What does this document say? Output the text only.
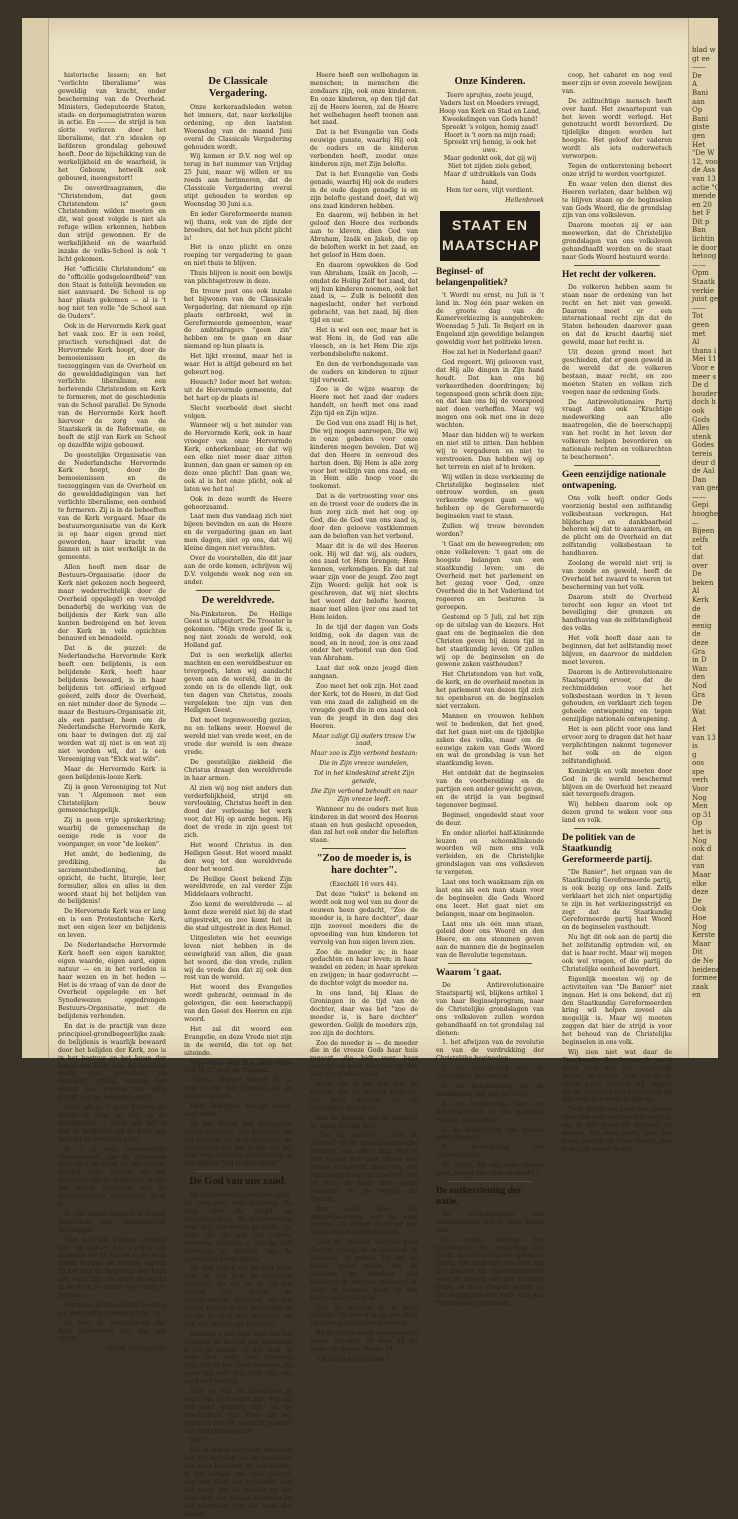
historische lessen; en het "verlichte liberalisme" was geweldig van kracht, onder bescherming van de Overheid. Ministers, Gedeputeerde Staten, stads- en dorpsmagistraten waren in actie. En ——— de strijd is ten slotte verloren door het liberalisme, dat z'n idealen op liefderen grondslag gebouwd heeft. Door de bijschikking van de werkelijkheid en de waarheid, is het Gebouw, hetwelk ook gebouwd, ineengestort!

De onverdraagzamen, die "Christendom, dat geen Christendom is" geen Christendom wilden moeten en dit, wat geest volgde is niet als refuge willen erkennen, hebben dan strijd gewonnen. Er de werkelijkheid en de waarheid inzake de volks-School is ook 't licht gekomen.

Het "officiële Christendom" en de "officiële godsgeleerdheid" van den Staat is feitelijk bevonden en niet aanvaard. De School is op haar plaats gekomen — al is 't nog niet ten volle "de School aan de Ouders".

Ook in de Hervormde Kerk gaat het vaak zoo. Er is een reëel, practisch verschijnsel dat de Hervormde Kerk hoopt, door de bemoeienissen en de toezeggingen van de Overheid en de gewelddadigingen van het verlichte liberalisme, een herlevende Christendom en Kerk te formeren, met de geschiedenis van de School parallel. De Synode van de Hervormde Kerk heeft hiervoor de zorg van de Staatskerk in de Reformatie, en heeft de stijl van Kerk en School op dezelfde wijze gebouwd.

De geestelijke Organisatie van de Nederlandsche Hervormde Kerk hoopt, door de bemoeienissen en de toezeggingen van de Overheid en de gewelddadigingen van het verlichte liberalisme, een eenheid te formeren. Zij is in de behoeften van de Kerk vergaard. Maar de bestuursorganisatie van de Kerk is op haar eigen grond niet geworden, haar kracht van binnen uit is niet werkelijk in de gemeente.

Allen heeft men daar de Bestuurs-Organisatie (door de Kerk niet gekozen noch begeerd, maar wederrechtelijk door de Overheid opgelegd) en vervolgd benaderbij de werking van de belijdenis der Kerk van alle kanten bedreigend en het leven der Kerk in vele opzichten benauwd en benadeeld.

Dat is de puzzel: de Nederlandsche Hervormde Kerk heeft een belijdenis, is een belijdende Kerk, heeft haar belijdenis bewaard, is in haar belijdenis tot officieel erfgoed geëerd, zelfs door de Overheid, en niet minder door de Synode — maar de Bestuurs-Organisatie zit, als een pantser, heen om de Nederlandsche Hervormde Kerk, om haar te dwingen dat zij zal worden wat zij niet is en wat zij niet worden wil, dat is een Vereeniging van "Elck wat wils".

Maar de Hervormde Kerk is geen belijdenis-looze Kerk.

Zij is geen Vereeniging tot Nut van 't Algemeen met een Christelijken bouw gemeenschappelijk.

Zij is geen vrije sprekerkring; waarbij de gemeenschap de eenige rede is voor de voorganger, en voor "de leeken".

Het ambt, de bediening, de prediking, de sacramentsbediening, het opzicht, de tucht, liturgie, leer, formulier, alles en alles in den woord staat bij het belijden van de belijdenis!

De Hervormde Kerk was er lang en is een Protestantsche Kerk, met een eigen leer en belijdenis en leven.

De Nederlandsche Hervormde Kerk heeft een eigen karakter, eigen waarde, eigen aard, eigen natuur — en in het verleden is haar wezen en in het heden — Het is de vraag of van de door de Overheid opgelegde en het Synodewezen opgedrongen Bestuurs-Organisatie, met de belijdenis verbonden.

En dat is de practijk van deze principieel-grondbegeerlijke zaak: de belijdenis is waarlijk bewaard door het belijden der Kerk, zoo is in het bestuur en het leven der belijdende Kerk, mits de Overheid hecht gaat gebruiken en eerbiedig erkent, waarbij het woord des Heeren ten volle kracht aan de belijdenis geeft.

Maar als je 't goed kunnen de macht te zien, en niet op de bijschikking — maar wie het is met de belijdenis zal de Kerk aan hem bij de Overheid gaat.

In 't is een eigenaardige "heldendaad", om de gebonden Kerk zich te laten en ten dagen, daarbij trots gaande op het schenden van de belijdenis, welke het wettig eigendom van de Nederlandsche Hervormde Kerk is.

In een ander verband is hierbij gesproken van "onwaarachtig geschipper".

Men zou ook kunnen spreken van "dit gedoe", aan 't adres van degenen die de macht in de Kerk willen hebben en houden, terwijl zij het met de belijdenis der Kerk niet eens zijn, om door de macht in de Kerk de macht over allen te hebben.

Het moet gebrandmerkt worden als onwaardig, onwaarachtig, bij.

En heel de geschiedenis der Kerk protesteert hier dan ook tegen.

(Wordt voortgezet).
De Classicale Vergadering.

Onze kerkeraadsleden weten het immers, dat, naar kerkelijke ordening, op den laatsten Woensdag van de maand Juni overal de Classicale Vergadering gehouden wordt.

Wij komen er D.V. nog wel op terug in het nummer van Vrijdag 25 Juni, maar wij willen er nu reeds aan herinneren, dat de Classicale Vergadering overal stipt gehouden te worden op Woensdag 30 Juni a.s.

En ieder Gereformeerde manen wij thans, ook van de zijde der broeders, dat het hun plicht plicht is!

Het is onze plicht en onze roeping ter vergadering te gaan en niet thuis te blijven.

Thuis blijven is nooit een bewijs van plichtsgetrouw in deze.

En trouw past ons ook inzake het bijwonen van de Classicale Vergadering, dat niemand op zijn plaats ontbreekt, wel in Gereformeerde gemeenten, waar de ambtsdragers "geen zin" hebben om te gaan en daar niemand op hun plaats is.

Het lijkt vreemd, maar het is waar. Het is altijd gebeurd en het gebeurt nog.

Heusch? Ieder moet het weten: uit de Hervormde gemeente, dat het hart op de plaats is!

Slecht voorbeeld doet slecht volgen.

Wanneer wij u het minder van de Hervormde Kerk, ook in haar vroeger van onze Hervormde Kerk, onherkenbaar, en dat wij een elke niet meer daar zitten kunnen, dan gaan er samen op en deze onze plicht! Dan gaan we, ook al is het onze plicht, ook al laten we het na!

Ook in deze wordt de Heere gehoorzaamd.

Laat men dus vandaag zich niet bijeen bevinden en aan de Heere en de vergadering gaan en laat men dagen, niet op ons, dat wij kleine dingen niet verachten.

Over de voorstellen, die dit jaar aan de orde komen, schrijven wij D.V. volgende week nog een en ander.

De wereldvrede.

Na-Pinksteren. De Heilige Geest is uitgestort. De Trooster is gekomen. "Mijn vrede geef Ik u, nog niet zooals de wereld, ook Holland gaf.

Dat is een werkelijk allerlei machten en een wereldbestuur en tevergeefs, laten wij aandacht geven aan de wereld, die in de zonde en is de ellende ligt, ook ten dagen van Christus, zooals vergeleken toe zijn van den Heiligen Geest.

Dat moet tegenwoordig gezien, nu en telkens weer. Hoewel de wereld niet van vrede weet, en de vrede der wereld is een dwaze vrede.

De geestelijke ziekheid die Christus draagt den wereldvrede in haar armen.

Al zien wij nog niet anders dan verderfelijkheid, strijd en vervloeking, Christus heeft in den dood der verlossing het werk voor, dat Hij op aarde begon. Hij doet de vrede in zijn geest tot zich.

Het woord Christus in den Heiligen Geest. Het woord maakt den weg tot den wereldvrede door het woord.

De Heilige Geest bekend Zijn wereldvrede, en zal verder Zijn Middelaars volbracht.

Zoo komt de wereldvrede — al komt deze wereld niet bij de stad uitgestrekt, en zoo komt het in die stad uitgestrekt in den Hemel.

Uitgesloten wie het eeuwige leven niet hebben in de eeuwigheid van allen, die gaan het woord, die den vrede, zullen wij de vrede den dat zij ook den rest van de wereld.

Het woord des Evangelies wordt gebracht, eenmaal in de gelovigen, die een heerschappij van den Geest des Heeren en zijn woord.

Het zal dit woord een Evangelie, en deze Vrede niet zijn in de wereld, die tot op het uiteinde.

Mijn vrede geef Ik u, mijn vrede laat Ik u!" zegt de Heiland.

"Vrede, Heere? Waar?" Er is nog steeds den Christus en de vrede van God.

Daal, Schepper, Heilige Geest, daal neder !

En het Woord des Evangelies wordt gebracht, zoo gebracht, en wij hebben nu nog gebracht de bouwsteen van het begin, dat wij door een Christus verzameling in zijn tijding: "Hij is onze vrede".

De God van ons zaad.

De bekommernis over ons zaad. De zorg over onze kinderen. De zorg over de jeugd en jongelingschap. De bekommernis over het opkomend geslacht. Ja, deze zijn we wel van vaders, moeders, leeraars — alle de rich bewogen te midden van de gevoeltens dezer tijden.

En dan willen wij nu nog weer eens op een punt de aandacht vestigen. En dat is: nl. op het teeken dat dezen de bondgenooten kinderen, op het eerste kenmerk van hoofdelijk en zooals de God des verbonds en ook van onze jonge kinderen.

Bedenkt u dat deze God van het verbond, en de God van hoofdelijk is Hij de ouders en het zaad, in deze God, voor onze kinderen zijn. Zoo is het Gods verbond, en gaan wij met den God van ons zaad niet voorbij.

Niet op wat de menschen in deze zijn of konden zijn, Hij zal het zaad genadig zijn, en de heerlijkheid van Hem zal het geweten met dit geslacht bedoeld van Gods bemoeienis.

Wat ?

Dat is Heere met onze kinderen van dit belijden en de gewoonte van onze kinderen, in ons bidden, in het kerken van onze ouders: van den God des verbonds, van het zaad, dat de genade op het zaad ook van eenige kinderen en het voorrecht van het zaad der ouders.

Heere heeft een welbehagen in menschen; in menschen die zondaars zijn, ook onze kinderen. En onze kinderen, op den tijd dat zij de Heere leeren, zal de Heere het welbehagen heeft toonen aan het zaad.

Dat is het Evangelie van Gods eeuwige gunste, waarbij Hij ook de ouders en de kinderen verbonden heeft, zoodat onze kinderen zijn, met Zijn belofte.

Dat is het Evangelie van Gods genade, waarbij Hij ook de ouders in de oude dagen genadig is en zijn belofte gestand doet, dat wij ons zaad kinderen hebben.

En daarom, wij hebben in het geloof den Heere des verbonds aan te kleven, dien God van Abraham, Izaäk en Jakob, die op de beloften werkt in het zaad, en het geloof in Hem doen.

En daarom opwekken de God van Abraham, Izaäk en Jacob, — omdat de Heilig Zelf het zaad, dat wij hun kinderen noemen, ook het zaad is, — Zulk is beloofd den nageslacht, onder het verbond gebracht, van het zaad, bij dien tijd en uur.

Het is wel een eer, maar het is wat Hem in, de God van alle vleesch, en is het Hem Die zijn verbondsbelofte nakomt.

En den de verbondsgenade van de ouders en kinderen te zijner tijd verwekt.

Zoo is de wijze waarop de Heere met het zaad der ouders handelt, en heeft met ons zaad Zijn tijd en Zijn wijze.

De God van ons zaad! Hij is het, Die wij mogen aanroepen, Die wij in onze gebeden voor onze kinderen mogen bevelen. Dat wij dat den Heere in eenvoud des harten doen. Bij Hem is alle zorg voor het welzijn van ons zaad, en in Hem alle hoop voor de toekomst.

Dat is de vertroosting voor ons en de troost voor de ouders die in hun zorg zich met het oog op God, die de God van ons zaad is, door den geloove vastklemmen aan de beloften van het verbond.

Maar dit is de wil des Heeren ook. Hij wil dat wij, als ouders, ons zaad tot Hem brengen; Hem kennen, verkondigen. En dat zal waar zijn voor de jeugd. Zoo zegt Zijn Woord: gelijk het ook is geschreven, dat wij niet slechts het woord der belofte hooren, maar met allen ijver ons zaad tot Hem leiden.

In de tijd der dagen van Gods leiding, ook de dagen van de nood, en in nood, zoo is ons zaad onder het verbond van den God van Abraham.

Laat dat ook onze jeugd dien aangaan.

Zoo moet het ook zijn. Het zaad der Kerk, tot de Heere, in dat God van ons zaad de zaligheid en de vreugde geeft die in ons zaad ook van de jeugd in den dag des Heeren.

Maar zaligt Gij ouders trouw Uw zaad,

Maar zoo is Zijn verbond bestaan:

Die in Zijn vreeze wandelen,

Tot in het kindeskind strekt Zijn genade,

Die Zijn verbond behoudt en naar Zijn vreeze leeft.

Wanneer nu de ouders met hun kinderen in dat woord des Heeren staan en hun geslacht opvoeden, dan zal het ook onder die beloften staan.

"Zoo de moeder is, is hare dochter".

(Ezechiël 16 vers 44).

Dat deze "tekst" is bekend en wordt ook nog wel van nu door de eeuwen heen gedacht, "Zoo de moeder is, is hare dochter", daar zijn zooveel moeders die de opvoeding van hun kinderen tot vervolg van hun eigen leven zien.

Zoo de moeder is; in haar gedachten en haar leven; in haar wandel en zeden; in haar spreken en zwijgen; in haar godsvrucht — de dochter volgt de moeder na.

In ons land, bij Klaas de Groningen in de tijd van de dochter, daar was het "zoo de moeder is, is hare dochter" geworden. Gelijk de moeders zijn, zoo zijn de dochters.

Zoo de moeder is — de moeder die in de vreeze Gods haar huis regeert, die bidt voor haar dochter en haar voorgaat op den weg der godzaligheid.

Maar zoo is het ook met de moeder die de wereld liefheeft; ook haar dochter zal op denzelfden weg gaan.

Zoo de moeder, zoo de dochter! Je, Kaap schrijft over:

"Zoo de moeder — zoo de dochter" is de spreekwoordelijke ervaring van elken dag. Het is een woord dat niet alleen een vonnis uitspreekt maar ook een vermaning is aan de moeders. Dat zij toch in haar huis moge wandelen in de vreeze des Heeren.

Een goed deel der kinderopvoeding rust in haar handen. Zij draagt daarvoor een zware verantwoordelijkheid.

Laat de moeder daarom haar dochter voorgaan in eenvoud, in ootmoed, in gebed. En dat de Heere moge geven dat de dochters de moeders niet navolgen in hetgeen verkeerd is, maar in hetgeen goed en den Heere welgevallig is.

Zoo de moeder is, is hare dochter. Dit woord moge ons allen tot ernstig nadenken stemmen.

Bij dit stukje werd opgegeven te lezen: Ezechiël 16 vers 43 tot einde; te zingen: Psalm 34.

't Kan z'n niet hebben !

Onze Kinderen.

Teere sprujtes, zoete jeugd,

Vaders lust en Moeders vreugd,

Hoop van Kerk en Stad en Land,

Kweekelingen van Gods hand!

Spreekt 's volgen, hemig zaad!

Hoort is 't oorn na mijn raad;

Spreekt vrij hemig, is ook het uwe.

Maar gedenkt ook, dat gij wij

Niet tot zijden ziels gebed,

Maar d' uitdrukkels van Gods hand,

Hem ter eere, vlijt verdient.

Hellenbroek

STAAT EN
MAATSCHAPPIJ
Beginsel- of belangenpolitiek?

't Wordt nu ernst, nu Juli is 't land in. Nog één paar weken en de groote dag van de Kamerverkiezing is aangebroken: Woensdag 5 Juli. Te Beijerl en in Engeland zijn geweldige belangen geweldig voor het politieke leven.

Hoe zal het in Nederland gaan?

God regeert. Wij gelooven vast, dat Hij alle dingen in Zijn hand houdt. Dat kan ons bij verkeerdheden doordringen; bij tegenspoed geen schrik doen zijn; en dat kan ons bij de voorspoed niet doen verheffen. Maar wij mogen ons ook met ons in deze wachten.

Maar dan bidden wij te werken en niet stil te zitten. Dan hebben wij te vergaderen en niet te verstrooien. Dan hebben wij op het terrein en niet af te breken.

Wij willen in deze verkiezing de Christelijke beginselen niet ontrouw worden, en geen verkeerde wegen gaan — wij hebben op de Gereformeerde beginselen vast te staan.

Zullen wij trouw bevonden worden?

't Gaat om de beweegreden; om onze volkeleven: 't gaat om de hoogste belangen van een staatkundig leven; om de Overheid met het parlement en het gezag voor God, onze Overheid die in het Vaderland tot regeeren en besturen is geroepen.

Gestemd op 5 Juli, zal het zijn op de uitslag van de kiezers. Het gaat om de beginselen die den Christen geven bij dezen tijd in het staatkundig leven. Of zullen wij op de beginselen en de gewone zaken vasthouden?

Het Christendom van het volk, de kerk, en de overheid moeten in het parlement van dezen tijd zich nu openbaren en de beginselen niet verzaken.

Mannen en vrouwen hebben wel te bedenken, dat het goed, dat het gaan niet om de tijdelijke zaken des volks, maar om de eeuwige zaken van Gods Woord en wat de grondslag is van het staatkundig leven.

Het ontdekt dat de beginselen van de voorbereiding en de partijen een ander gewicht geven, en de strijd is van beginsel tegenover beginsel.

Beginsel, ongedeeld staat voor de deur.

En onder allerlei half-klinkende leuzen en schoonklinkende woorden wil men ons volk verleiden, en de Christelijke grondslagen van ons volksleven te vergeten.

Laat ons toch waakzaam zijn en laat ons als een man staan voor de beginselen die Gods Woord ons leert. Het gaat niet om belangen, maar om beginselen.

Laat ons als één man staan, geleid door ons Woord en den Heere, en ons stemmen geven aan de mannen die de beginselen van de Revolutie tegenstaan.

Waarom 't gaat.

De Antirevolutionaire Staatspartij wil, blijkens artikel 1 van haar Beginselprogram, naar de Christelijke grondslagen van ons volksleven zullen worden gehandhaafd en tot grondslag zal dienen:

1. het afwijzen van de revolutie en van de verdrukking der Christelijke beginselen;

2. de handhaving van de Christelijke beginselen;

3. de bescherming en de handhaving van wet en recht;

4. de handhaving van ons huwelijksrecht en de heiliging van het gezinsleven;

5. de behartiging van sociale gerechtigheid;

6. bevordering der volkswelvaart.

De strijd, die om deze dingen gaat, vraagt ons aller aandacht !

De ontkerstening der natie.

De verschijnselen van ontkerstening zijn in onze dagen vele.

De wulpe kleding, het genotzucht, de verleiding der jeugd, het verval van de openbare zeden, het misbruik van den dag des Heeren, de onverschilligheid voor de dingen van het eeuwige leven, al deze dingen wijzen op het wegglijden der natie van den Christelijken grondslag.

coop, het cabaret en nog veel meer zijn er even zoovele bewijzen van.

De zelfzuchtige mensch heeft over hand. Het zwaartepunt van het leven wordt verlegd. Het genotzucht wordt bevorderd. De tijdelijke dingen worden het hoogste. Het geloof der vaderen wordt als iets ouderwetsch verworpen.

Tegen de ontkerstening behoort onze strijd te worden voortgezet.

En waar velen den dienst des Heeren verlaten, daar hebben wij te blijven staan op de beginselen van Gods Woord, die de grondslag zijn van ons volksleven.

Daarom moeten zij er aan meewerken, dat de Christelijke grondslagen van ons volksleven gehandhaafd worden en de staat naar Gods Woord bestuurd worde.

Het recht der volkeren.

De volkeren hebben saam te staan naar de ordening van het recht en het niet van geweld. Daarom moet er een internationaal recht zijn dat de Staten behouden daarover gaan en dat de kracht daarbij niet geweld, maar het recht is.

Uit dezen grond moet het geschieden, dat er geen geweld in de wereld dat de volkeren bestaan, maar recht, en zoo moeten Staten en volken zich voegen naar de ordening Gods.

De Antirevolutionaire Partij vraagt dan ook "Krachtige medewerking aan alle maatregelen, die de heerschappij van het recht in het leven der volkeren helpen bevorderen en nationale rechten en volksrechten te beschermen".

Geen eenzijdige nationale ontwapening.

Ons volk heeft onder Gods voorzienig bestel een zelfstandig volksbestaan verkregen. Het blijdschap en dankbaarheid behoren wij dat te aanvaarden, en de plicht om de Overheid en dat zelfstandig volksbestaan te handhaven.

Zoolang de wereld niet vrij is van zonde en geweld, heeft de Overheid het zwaard te voeren tot bescherming van het volk.

Daarom stelt de Overheid terecht een leger en vloot tot beveiliging der grenzen en handhaving van de zelfstandigheid des volks.

Het volk heeft daar aan te beginnen, dat het zelfstandig moet blijven, en daarvoor de middelen moet leveren.

Daarom is de Antirevolutionaire Staatspartij ervoor, dat de rechtmiddelen voor het volksbestaan worden in 't leven gehouden, en verklaart zich tegen geheele ontwapening en tegen eenzijdige nationale ontwapening.

Het is een plicht voor ons land ervoor zorg te dragen dat het haar verplichtingen nakomt tegenover het volk en de eigen zelfstandigheid.

Koninkrijk en volk moeten door God in de wereld beschermd blijven en de Overheid het zwaard niet tevergeefs dragen.

Wij hebben daarom ook op dezen grond te waken voor ons land en volk.

De politiek van de Staatkundig Gereformeerde partij.

"De Banier", het orgaan van de Staatkundig Gereformeerde partij, is ook bezig op ons land. Zelfs verklaart het zich niet onpartijdig te zijn in het verkiezingsstrijd en zegt dat de Staatkundig Gereformeerde partij het Woord en de beginselen vasthoudt.

Nu ligt dit ook aan de partij die het zelfstandig optreden wil, en dat is haar recht. Maar wij mogen ook wel vragen, of die partij de Christelijke eenheid bevordert.

Eigenlijk moesten wij op de activiteiten van "De Banier" niet ingaan. Het is ons bekend, dat zij den Staatkundig Gereformeerden kring wil helpen zoveel als mogelijk is. Maar wij moeten zeggen dat hier de strijd is voor het behoud van de Christelijke beginselen in ons volk.

Wij zien niet wat daar de Staatkundig Gereformeerde partij meer doet dan het Christelijk belang verdeelen. Voor wij op de vraag gaan, moeten wij zeggen dat de stemmen van Christenen bij elkander behooren te blijven.

Toch willen wij over een enkele zaak van haar politiek iets zeggen, om in het geschrift duidelijk te maken, dat deze partij, met een harte gericht op Gods Woord, niet is wat zij meent te zijn.

blad w
gt ee
——
De
A
Bani
aan
Op
Bani
giste
gen
Het
"De W
12, voo
de Ass
van 13
actie "G
mende
en 20
het F
Dit p
Ban
lichtin
le door
betoog
——
Opm
Staatk
verkie
juist ge
——
Tot
geen
met
Al
thans i
Mei 11
Voor e
meer s
De d
bouder
doch h
ook
Gods
Alles
stenk
Godes
tereis
deur d
de Aal
Dan
van gee
——
Gepi
hooghe
—
Bijeen
zelfs
tot
dat
over
De
beken
Al
Kerk
de
de
eenig
de
deze
Gra
in D
Wan
den
Nod
Gra
De
Wat
A
Het
van 13
is
g
oos
spe
verh
Voor
Nog
Men
op 31
Op
het is
Nog
ook d
dat
van
Maar
elke
deze
De
Ook
Hoe
Nog
Kerste
Maar
Dit
de Ne
heidene
formee
zaak
en
